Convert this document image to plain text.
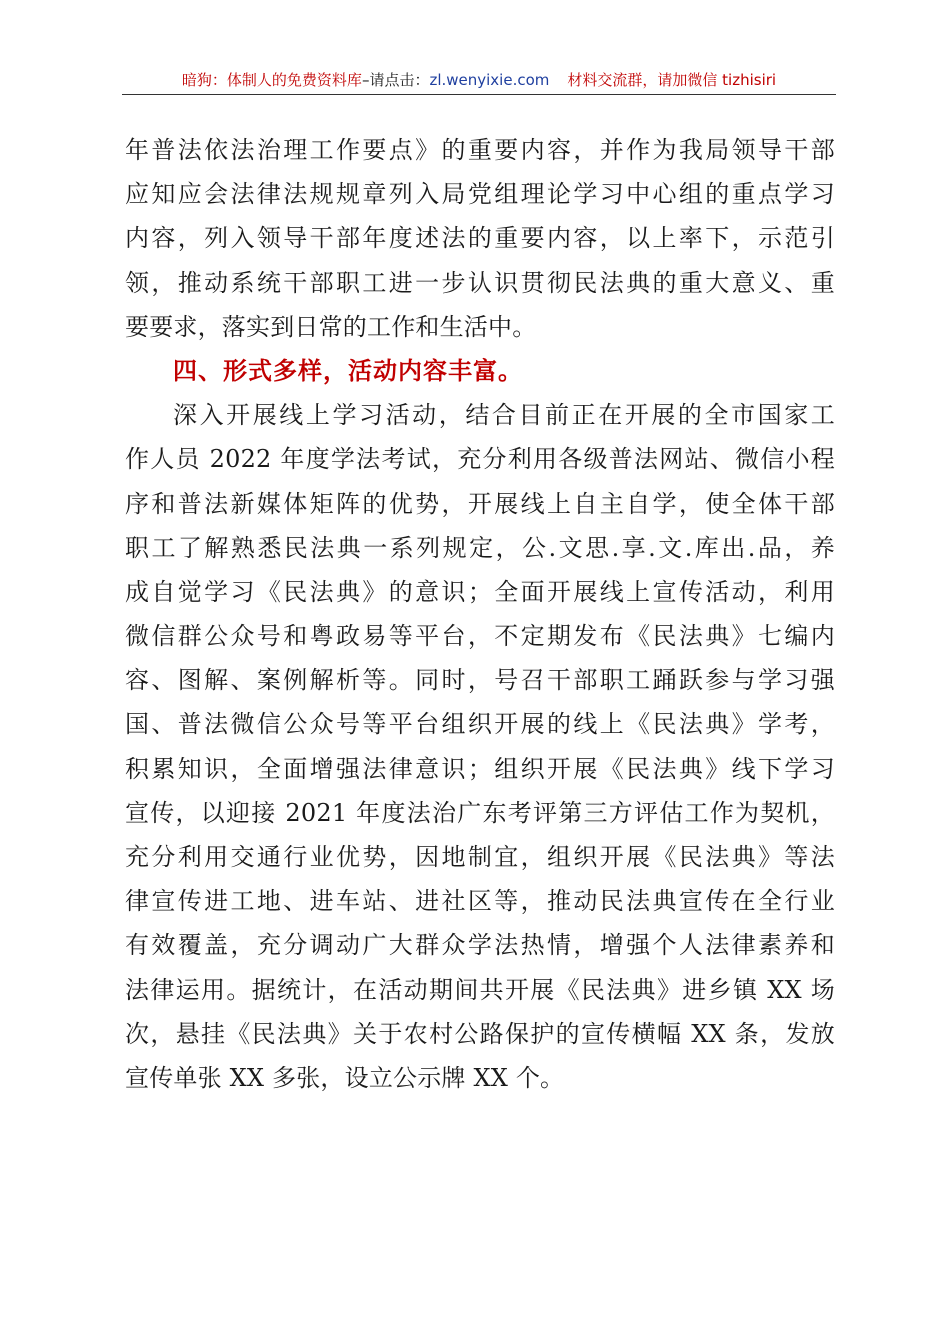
暗狗：体制人的免费资料库–请点击：zl.wenyixie.com 材料交流群，请加微信 tizhisiri
年普法依法治理工作要点》的重要内容，并作为我局领导干部
应知应会法律法规规章列入局党组理论学习中心组的重点学习
内容，列入领导干部年度述法的重要内容，以上率下，示范引
领，推动系统干部职工进一步认识贯彻民法典的重大意义、重
要要求，落实到日常的工作和生活中。
四、形式多样，活动内容丰富。
深入开展线上学习活动，结合目前正在开展的全市国家工
作人员 2022 年度学法考试，充分利用各级普法网站、微信小程
序和普法新媒体矩阵的优势，开展线上自主自学，使全体干部
职工了解熟悉民法典一系列规定，公.文思.享.文.库出.品，养
成自觉学习《民法典》的意识；全面开展线上宣传活动，利用
微信群公众号和粤政易等平台，不定期发布《民法典》七编内
容、图解、案例解析等。同时，号召干部职工踊跃参与学习强
国、普法微信公众号等平台组织开展的线上《民法典》学考，
积累知识，全面增强法律意识；组织开展《民法典》线下学习
宣传，以迎接 2021 年度法治广东考评第三方评估工作为契机，
充分利用交通行业优势，因地制宜，组织开展《民法典》等法
律宣传进工地、进车站、进社区等，推动民法典宣传在全行业
有效覆盖，充分调动广大群众学法热情，增强个人法律素养和
法律运用。据统计，在活动期间共开展《民法典》进乡镇 XX 场
次，悬挂《民法典》关于农村公路保护的宣传横幅 XX 条，发放
宣传单张 XX 多张，设立公示牌 XX 个。
